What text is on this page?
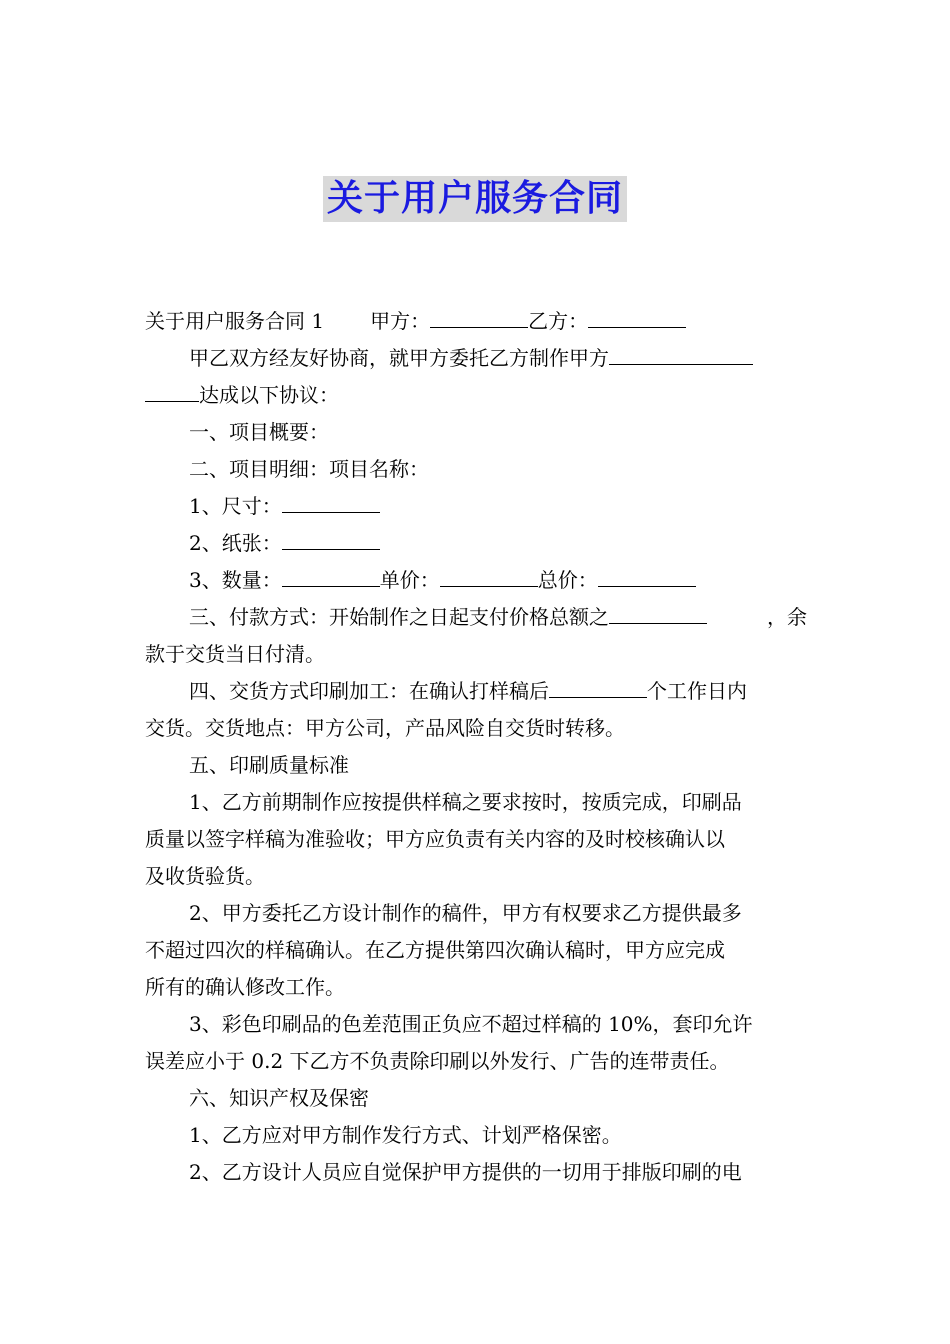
关于用户服务合同
关于用户服务合同 1 甲方：	乙方：
甲乙双方经友好协商，就甲方委托乙方制作甲方
达成以下协议：
一、项目概要：
二、项目明细：项目名称：
1、尺寸：
2、纸张：
3、数量：	单价：	总价：
三、付款方式：开始制作之日起支付价格总额之	，余
款于交货当日付清。
四、交货方式印刷加工：在确认打样稿后	个工作日内
交货。交货地点：甲方公司，产品风险自交货时转移。
五、印刷质量标准
1、乙方前期制作应按提供样稿之要求按时，按质完成，印刷品
质量以签字样稿为准验收；甲方应负责有关内容的及时校核确认以
及收货验货。
2、甲方委托乙方设计制作的稿件，甲方有权要求乙方提供最多
不超过四次的样稿确认。在乙方提供第四次确认稿时，甲方应完成
所有的确认修改工作。
3、彩色印刷品的色差范围正负应不超过样稿的 10%，套印允许
误差应小于 0.2 下乙方不负责除印刷以外发行、广告的连带责任。
六、知识产权及保密
1、乙方应对甲方制作发行方式、计划严格保密。
2、乙方设计人员应自觉保护甲方提供的一切用于排版印刷的电
